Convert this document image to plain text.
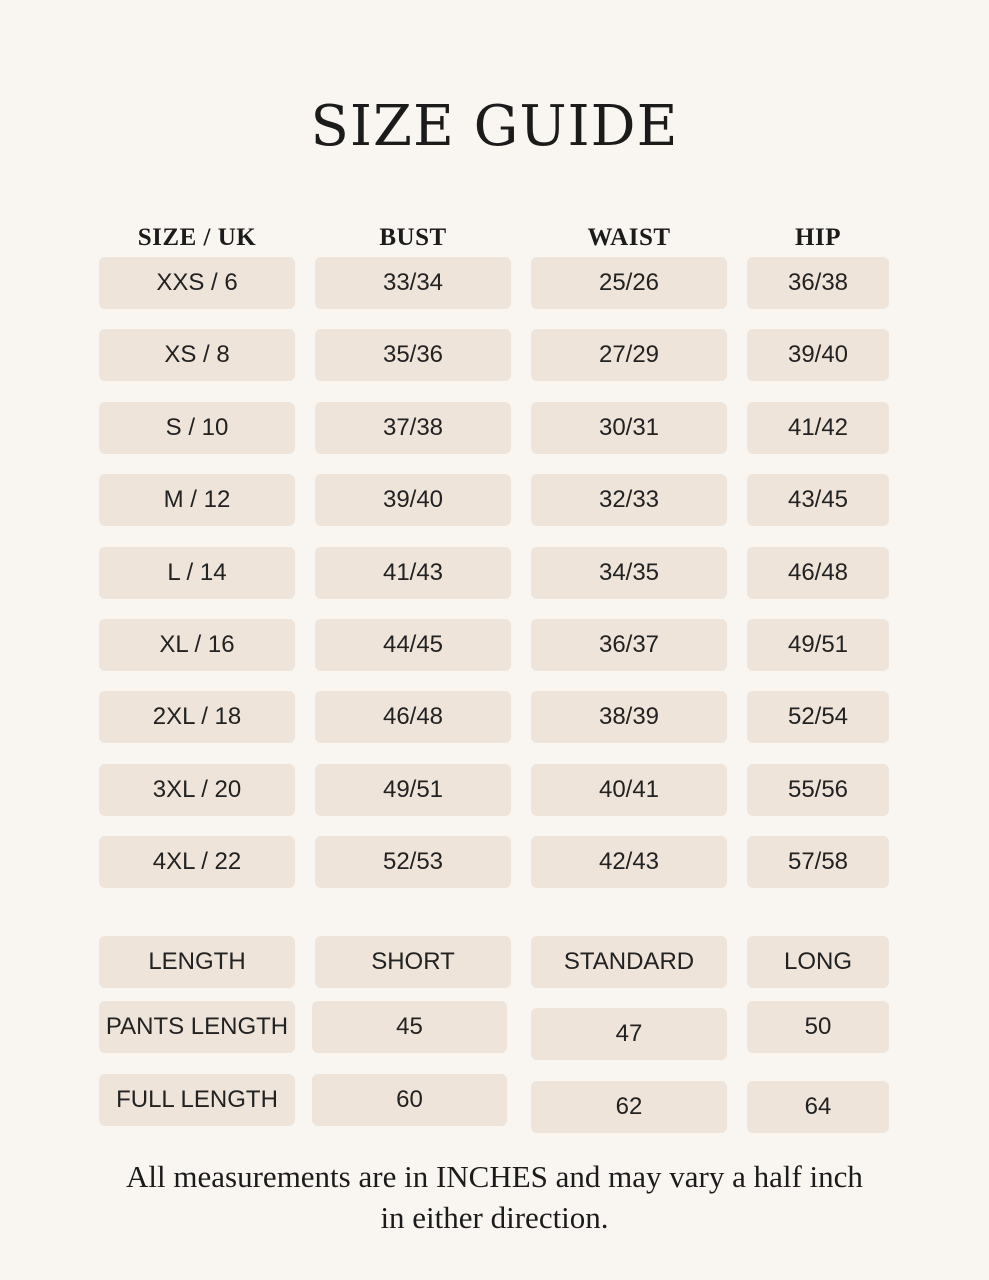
SIZE GUIDE
SIZE / UK	BUST	WAIST	HIP
XXS / 6	33/34	25/26	36/38
XS / 8	35/36	27/29	39/40
S / 10	37/38	30/31	41/42
M / 12	39/40	32/33	43/45
L / 14	41/43	34/35	46/48
XL / 16	44/45	36/37	49/51
2XL / 18	46/48	38/39	52/54
3XL / 20	49/51	40/41	55/56
4XL / 22	52/53	42/43	57/58
LENGTH	SHORT	STANDARD	LONG
PANTS LENGTH	45	47	50
FULL LENGTH	60	62	64
All measurements are in INCHES and may vary a half inch
in either direction.
